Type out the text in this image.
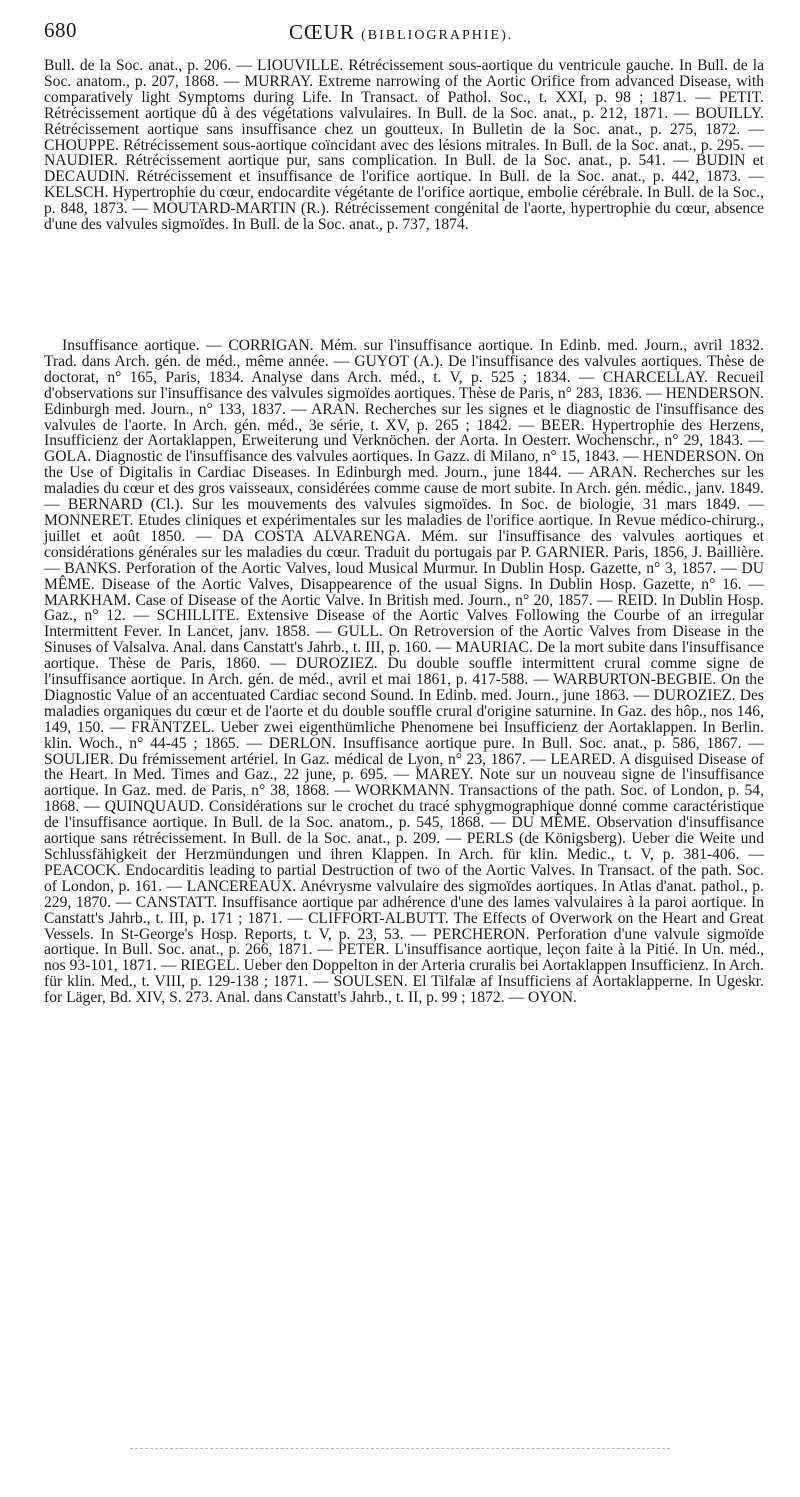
680	CŒUR (BIBLIOGRAPHIE).

Bull. de la Soc. anat., p. 206. — LIOUVILLE. Rétrécissement sous-aortique du ventricule gauche. In Bull. de la Soc. anatom., p. 207, 1868. — MURRAY. Extreme narrowing of the Aortic Orifice from advanced Disease, with comparatively light Symptoms during Life. In Transact. of Pathol. Soc., t. XXI, p. 98 ; 1871. — PETIT. Rétrécissement aortique dû à des végétations valvulaires. In Bull. de la Soc. anat., p. 212, 1871. — BOUILLY. Rétrécissement aortique sans insuffisance chez un goutteux. In Bulletin de la Soc. anat., p. 275, 1872. — CHOUPPE. Rétrécissement sous-aortique coïncidant avec des lésions mitrales. In Bull. de la Soc. anat., p. 295. — NAUDIER. Rétrécissement aortique pur, sans complication. In Bull. de la Soc. anat., p. 541. — BUDIN et DECAUDIN. Rétrécissement et insuffisance de l'orifice aortique. In Bull. de la Soc. anat., p. 442, 1873. — KELSCH. Hypertrophie du cœur, endocardite végétante de l'orifice aortique, embolie cérébrale. In Bull. de la Soc., p. 848, 1873. — MOUTARD-MARTIN (R.). Rétrécissement congénital de l'aorte, hypertrophie du cœur, absence d'une des valvules sigmoïdes. In Bull. de la Soc. anat., p. 737, 1874.

Insuffisance aortique. — CORRIGAN. Mém. sur l'insuffisance aortique. In Edinb. med. Journ., avril 1832. Trad. dans Arch. gén. de méd., même année. — GUYOT (A.). De l'insuffisance des valvules aortiques. Thèse de doctorat, n° 165, Paris, 1834. Analyse dans Arch. méd., t. V, p. 525 ; 1834. — CHARCELLAY. Recueil d'observations sur l'insuffisance des valvules sigmoïdes aortiques. Thèse de Paris, n° 283, 1836. — HENDERSON. Edinburgh med. Journ., n° 133, 1837. — ARAN. Recherches sur les signes et le diagnostic de l'insuffisance des valvules de l'aorte. In Arch. gén. méd., 3e série, t. XV, p. 265 ; 1842. — BEER. Hypertrophie des Herzens, Insufficienz der Aortaklappen, Erweiterung und Verknöchen. der Aorta. In Oesterr. Wochenschr., n° 29, 1843. — GOLA. Diagnostic de l'insuffisance des valvules aortiques. In Gazz. di Milano, n° 15, 1843. — HENDERSON. On the Use of Digitalis in Cardiac Diseases. In Edinburgh med. Journ., june 1844. — ARAN. Recherches sur les maladies du cœur et des gros vaisseaux, considérées comme cause de mort subite. In Arch. gén. médic., janv. 1849. — BERNARD (Cl.). Sur les mouvements des valvules sigmoïdes. In Soc. de biologie, 31 mars 1849. — MONNERET. Etudes cliniques et expérimentales sur les maladies de l'orifice aortique. In Revue médico-chirurg., juillet et août 1850. — DA COSTA ALVARENGA. Mém. sur l'insuffisance des valvules aortiques et considérations générales sur les maladies du cœur. Traduit du portugais par P. GARNIER. Paris, 1856, J. Baillière. — BANKS. Perforation of the Aortic Valves, loud Musical Murmur. In Dublin Hosp. Gazette, n° 3, 1857. — DU MÊME. Disease of the Aortic Valves, Disappearence of the usual Signs. In Dublin Hosp. Gazette, n° 16. — MARKHAM. Case of Disease of the Aortic Valve. In British med. Journ., n° 20, 1857. — REID. In Dublin Hosp. Gaz., n° 12. — SCHILLITE. Extensive Disease of the Aortic Valves Following the Courbe of an irregular Intermittent Fever. In Lancet, janv. 1858. — GULL. On Retroversion of the Aortic Valves from Disease in the Sinuses of Valsalva. Anal. dans Canstatt's Jahrb., t. III, p. 160. — MAURIAC. De la mort subite dans l'insuffisance aortique. Thèse de Paris, 1860. — DUROZIEZ. Du double souffle intermittent crural comme signe de l'insuffisance aortique. In Arch. gén. de méd., avril et mai 1861, p. 417-588. — WARBURTON-BEGBIE. On the Diagnostic Value of an accentuated Cardiac second Sound. In Edinb. med. Journ., june 1863. — DUROZIEZ. Des maladies organiques du cœur et de l'aorte et du double souffle crural d'origine saturnine. In Gaz. des hôp., nos 146, 149, 150. — FRÄNTZEL. Ueber zwei eigenthümliche Phenomene bei Insufficienz der Aortaklappen. In Berlin. klin. Woch., n° 44-45 ; 1865. — DERLON. Insuffisance aortique pure. In Bull. Soc. anat., p. 586, 1867. — SOULIER. Du frémissement artériel. In Gaz. médical de Lyon, n° 23, 1867. — LEARED. A disguised Disease of the Heart. In Med. Times and Gaz., 22 june, p. 695. — MAREY. Note sur un nouveau signe de l'insuffisance aortique. In Gaz. med. de Paris, n° 38, 1868. — WORKMANN. Transactions of the path. Soc. of London, p. 54, 1868. — QUINQUAUD. Considérations sur le crochet du tracé sphygmographique donné comme caractéristique de l'insuffisance aortique. In Bull. de la Soc. anatom., p. 545, 1868. — DU MÊME. Observation d'insuffisance aortique sans rétrécissement. In Bull. de la Soc. anat., p. 209. — PERLS (de Königsberg). Ueber die Weite und Schlussfähigkeit der Herzmündungen und ihren Klappen. In Arch. für klin. Medic., t. V, p. 381-406. — PEACOCK. Endocarditis leading to partial Destruction of two of the Aortic Valves. In Transact. of the path. Soc. of London, p. 161. — LANCEREAUX. Anévrysme valvulaire des sigmoïdes aortiques. In Atlas d'anat. pathol., p. 229, 1870. — CANSTATT. Insuffisance aortique par adhérence d'une des lames valvulaires à la paroi aortique. In Canstatt's Jahrb., t. III, p. 171 ; 1871. — CLIFFORT-ALBUTT. The Effects of Overwork on the Heart and Great Vessels. In St-George's Hosp. Reports, t. V, p. 23, 53. — PERCHERON. Perforation d'une valvule sigmoïde aortique. In Bull. Soc. anat., p. 266, 1871. — PETER. L'insuffisance aortique, leçon faite à la Pitié. In Un. méd., nos 93-101, 1871. — RIEGEL. Ueber den Doppelton in der Arteria cruralis bei Aortaklappen Insufficienz. In Arch. für klin. Med., t. VIII, p. 129-138 ; 1871. — SOULSEN. El Tilfalæ af Insufficiens af Aortaklapperne. In Ugeskr. for Läger, Bd. XIV, S. 273. Anal. dans Canstatt's Jahrb., t. II, p. 99 ; 1872. — OYON.
